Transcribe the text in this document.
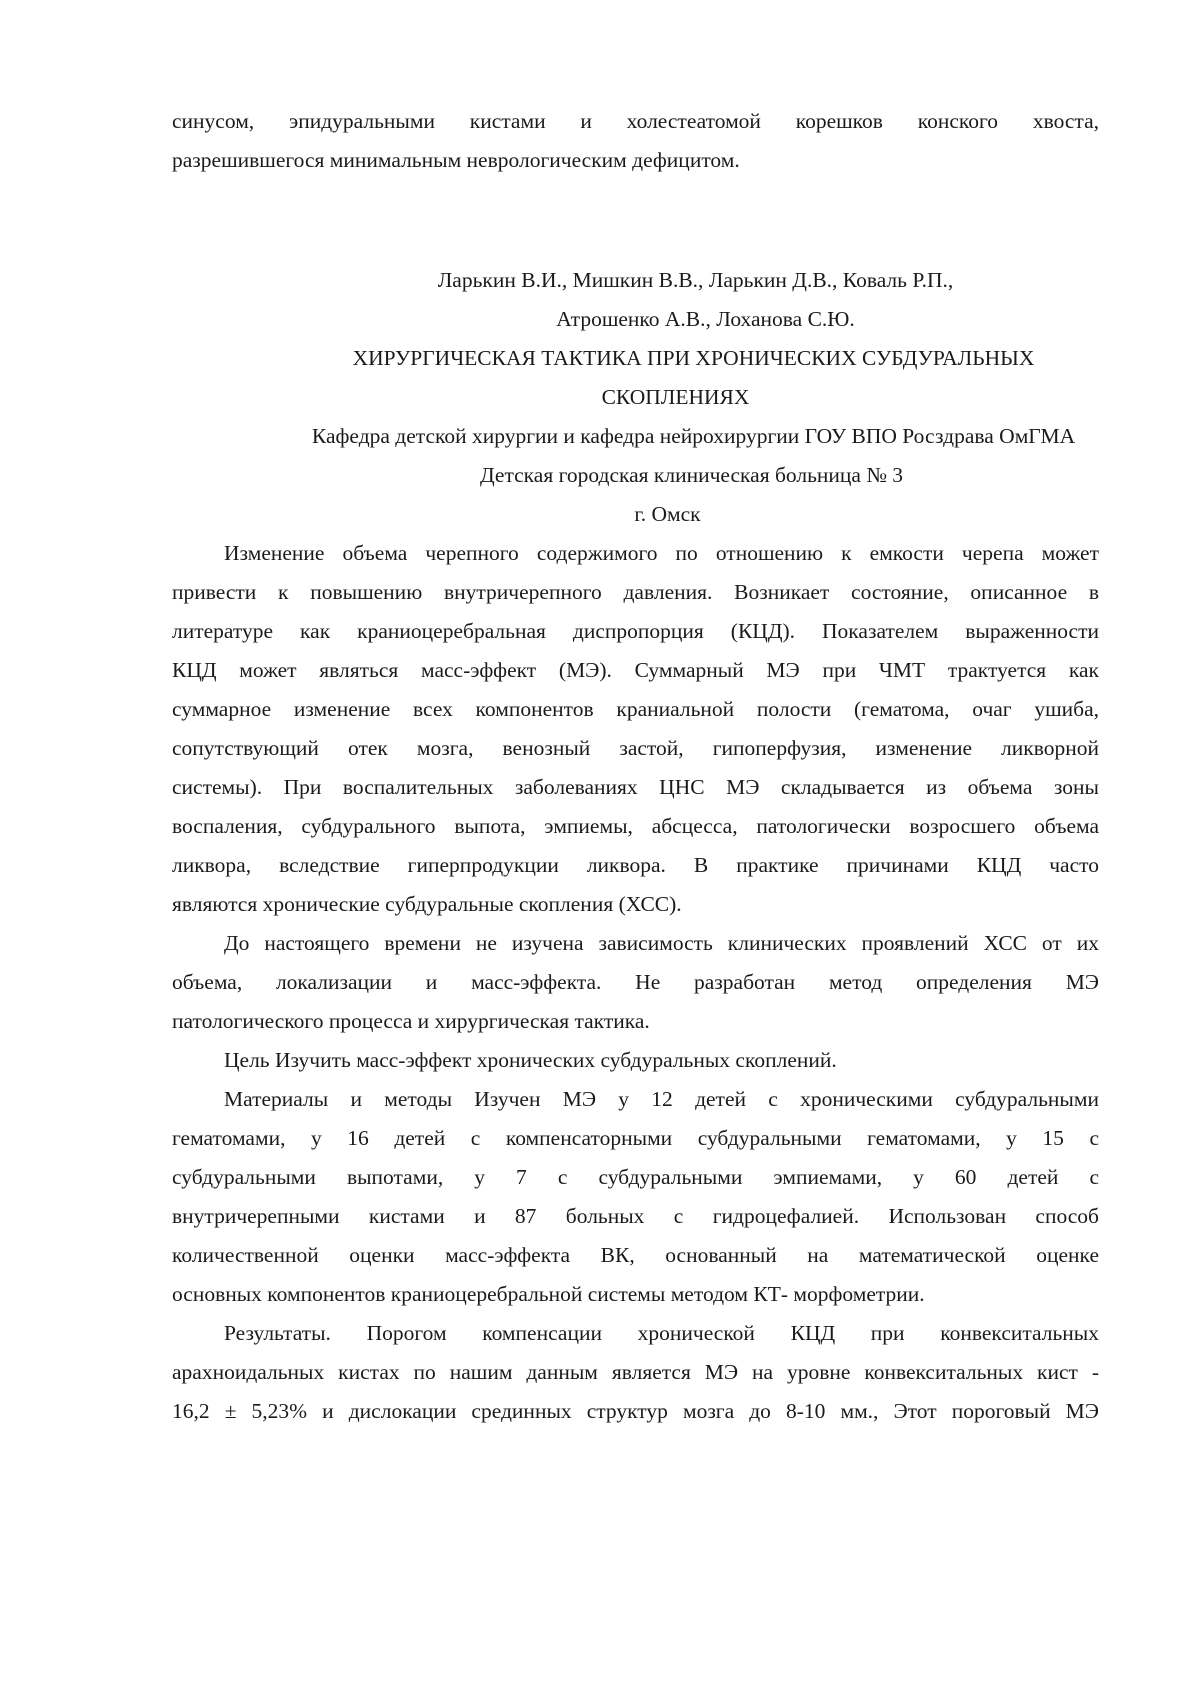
синусом, эпидуральными кистами и холестеатомой корешков конского хвоста,
разрешившегося минимальным неврологическим дефицитом.
Ларькин В.И., Мишкин В.В., Ларькин Д.В., Коваль Р.П.,
Атрошенко А.В., Лоханова С.Ю.
ХИРУРГИЧЕСКАЯ ТАКТИКА ПРИ ХРОНИЧЕСКИХ СУБДУРАЛЬНЫХ
СКОПЛЕНИЯХ
Кафедра детской хирургии и кафедра нейрохирургии ГОУ ВПО Росздрава ОмГМА
Детская городская клиническая больница № 3
г. Омск
Изменение объема черепного содержимого по отношению к емкости черепа может
привести к повышению внутричерепного давления. Возникает состояние, описанное в
литературе как краниоцеребральная диспропорция (КЦД). Показателем выраженности
КЦД может являться масс-эффект (МЭ). Суммарный МЭ при ЧМТ трактуется как
суммарное изменение всех компонентов краниальной полости (гематома, очаг ушиба,
сопутствующий отек мозга, венозный застой, гипоперфузия, изменение ликворной
системы). При воспалительных заболеваниях ЦНС МЭ складывается из объема зоны
воспаления, субдурального выпота, эмпиемы, абсцесса, патологически возросшего объема
ликвора, вследствие гиперпродукции ликвора. В практике причинами КЦД часто
являются хронические субдуральные скопления (ХСС).
До настоящего времени не изучена зависимость клинических проявлений ХСС от их
объема, локализации и масс-эффекта. Не разработан метод определения МЭ
патологического процесса и хирургическая тактика.
Цель Изучить масс-эффект хронических субдуральных скоплений.
Материалы и методы Изучен МЭ у 12 детей с хроническими субдуральными
гематомами, у 16 детей с компенсаторными субдуральными гематомами, у 15 с
субдуральными выпотами, у 7 с субдуральными эмпиемами, у 60 детей с
внутричерепными кистами и 87 больных с гидроцефалией. Использован способ
количественной оценки масс-эффекта ВК, основанный на математической оценке
основных компонентов краниоцеребральной системы методом КТ- морфометрии.
Результаты. Порогом компенсации хронической КЦД при конвекситальных
арахноидальных кистах по нашим данным является МЭ на уровне конвекситальных кист -
16,2 ± 5,23% и дислокации срединных структур мозга до 8-10 мм., Этот пороговый МЭ
